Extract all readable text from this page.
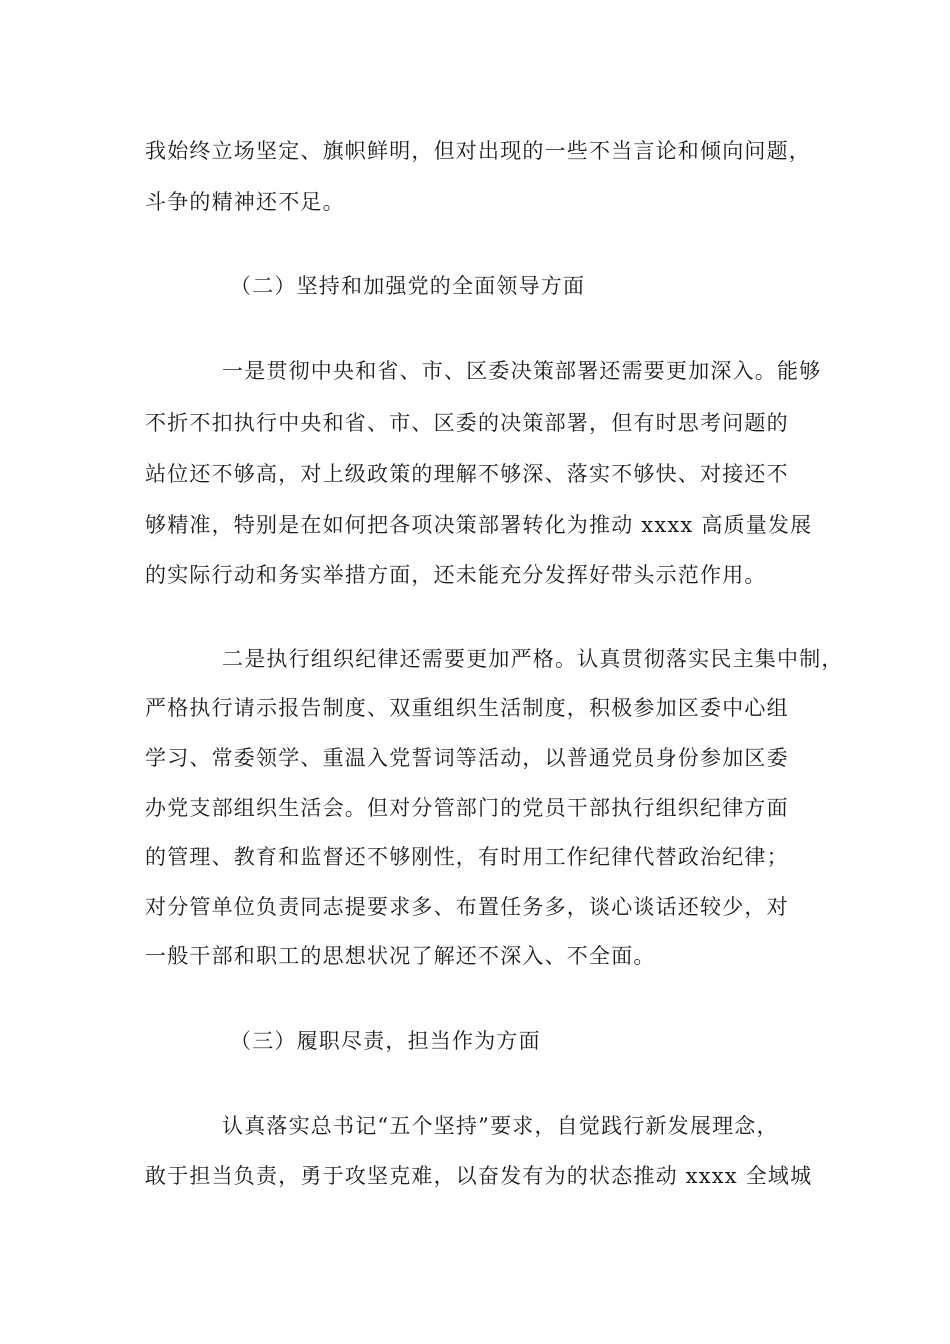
我始终立场坚定、旗帜鲜明，但对出现的一些不当言论和倾向问题，
斗争的精神还不足。
（二）坚持和加强党的全面领导方面
一是贯彻中央和省、市、区委决策部署还需要更加深入。能够
不折不扣执行中央和省、市、区委的决策部署，但有时思考问题的
站位还不够高，对上级政策的理解不够深、落实不够快、对接还不
够精准，特别是在如何把各项决策部署转化为推动 xxxx 高质量发展
的实际行动和务实举措方面，还未能充分发挥好带头示范作用。
二是执行组织纪律还需要更加严格。认真贯彻落实民主集中制，
严格执行请示报告制度、双重组织生活制度，积极参加区委中心组
学习、常委领学、重温入党誓词等活动，以普通党员身份参加区委
办党支部组织生活会。但对分管部门的党员干部执行组织纪律方面
的管理、教育和监督还不够刚性，有时用工作纪律代替政治纪律；
对分管单位负责同志提要求多、布置任务多，谈心谈话还较少，对
一般干部和职工的思想状况了解还不深入、不全面。
（三）履职尽责，担当作为方面
认真落实总书记“五个坚持”要求，自觉践行新发展理念，
敢于担当负责，勇于攻坚克难，以奋发有为的状态推动 xxxx 全域城
